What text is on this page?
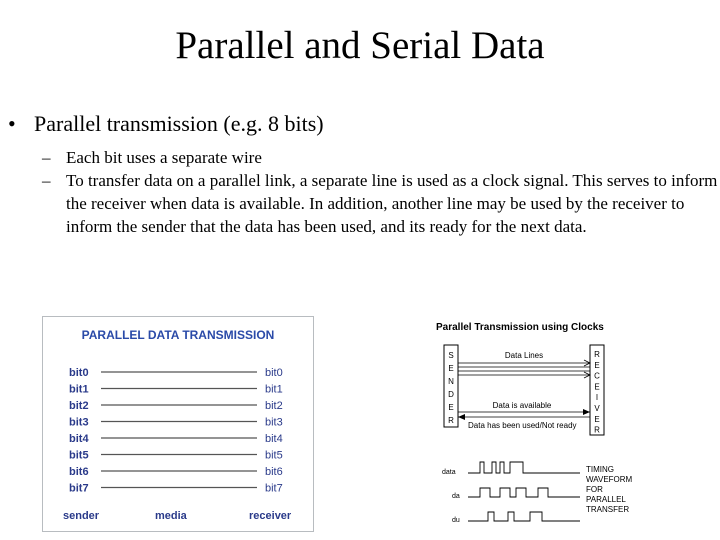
Parallel and Serial Data
• Parallel transmission (e.g. 8 bits)
– Each bit uses a separate wire
– To transfer data on a parallel link, a separate line is used as a clock signal. This serves to inform the receiver when data is available. In addition, another line may be used by the receiver to inform the sender that the data has been used, and its ready for the next data.
PARALLEL DATA TRANSMISSION
bit0	bit0
bit1	bit1
bit2	bit2
bit3	bit3
bit4	bit4
bit5	bit5
bit6	bit6
bit7	bit7
sender	media	receiver
Parallel Transmission using Clocks
S
E
N
D
E
R
R
E
C
E
I
V
E
R
Data Lines
Data is available
Data has been used/Not ready
data
da
du
TIMING
WAVEFORM
FOR
PARALLEL
TRANSFER
